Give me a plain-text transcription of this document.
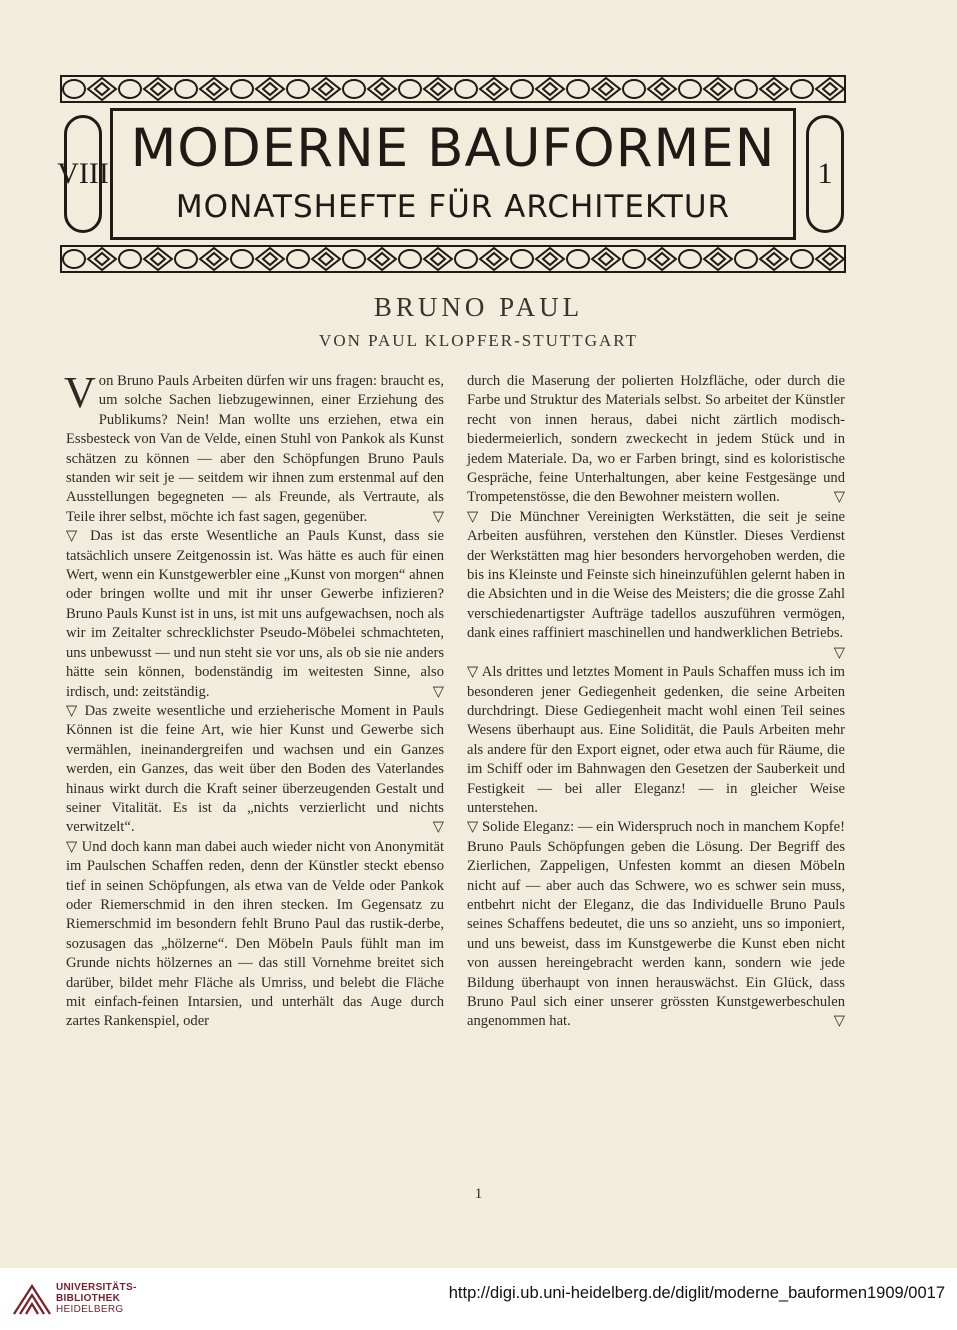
VIII MODERNE BAUFORMEN
MONATSHEFTE FÜR ARCHITEKTUR
1
BRUNO PAUL
VON PAUL KLOPFER-STUTTGART

Von Bruno Pauls Arbeiten dürfen wir uns fragen: braucht es, um solche Sachen liebzugewinnen, einer Erziehung des Publikums? Nein! Man wollte uns erziehen, etwa ein Essbesteck von Van de Velde, einen Stuhl von Pankok als Kunst schätzen zu können — aber den Schöpfungen Bruno Pauls standen wir seit je — seitdem wir ihnen zum erstenmal auf den Ausstellungen begegneten — als Freunde, als Vertraute, als Teile ihrer selbst, möchte ich fast sagen, gegenüber.	▽

▽ Das ist das erste Wesentliche an Pauls Kunst, dass sie tatsächlich unsere Zeitgenossin ist. Was hätte es auch für einen Wert, wenn ein Kunstgewerbler eine „Kunst von morgen“ ahnen oder bringen wollte und mit ihr unser Gewerbe infizieren? Bruno Pauls Kunst ist in uns, ist mit uns aufgewachsen, noch als wir im Zeitalter schrecklichster Pseudo-Möbelei schmachteten, uns unbewusst — und nun steht sie vor uns, als ob sie nie anders hätte sein können, bodenständig im weitesten Sinne, also irdisch, und: zeitständig.	▽

▽ Das zweite wesentliche und erzieherische Moment in Pauls Können ist die feine Art, wie hier Kunst und Gewerbe sich vermählen, ineinandergreifen und wachsen und ein Ganzes werden, ein Ganzes, das weit über den Boden des Vaterlandes hinaus wirkt durch die Kraft seiner überzeugenden Gestalt und seiner Vitalität. Es ist da „nichts verzierlicht und nichts verwitzelt“.	▽

▽ Und doch kann man dabei auch wieder nicht von Anonymität im Paulschen Schaffen reden, denn der Künstler steckt ebenso tief in seinen Schöpfungen, als etwa van de Velde oder Pankok oder Riemerschmid in den ihren stecken. Im Gegensatz zu Riemerschmid im besondern fehlt Bruno Paul das rustik-derbe, sozusagen das „hölzerne“. Den Möbeln Pauls fühlt man im Grunde nichts hölzernes an — das still Vornehme breitet sich darüber, bildet mehr Fläche als Umriss, und belebt die Fläche mit einfach-feinen Intarsien, und unterhält das Auge durch zartes Rankenspiel, oder

durch die Maserung der polierten Holzfläche, oder durch die Farbe und Struktur des Materials selbst. So arbeitet der Künstler recht von innen heraus, dabei nicht zärtlich modisch-biedermeierlich, sondern zweckecht in jedem Stück und in jedem Materiale. Da, wo er Farben bringt, sind es koloristische Gespräche, feine Unterhaltungen, aber keine Festgesänge und Trompetenstösse, die den Bewohner meistern wollen.	▽

▽ Die Münchner Vereinigten Werkstätten, die seit je seine Arbeiten ausführen, verstehen den Künstler. Dieses Verdienst der Werkstätten mag hier besonders hervorgehoben werden, die bis ins Kleinste und Feinste sich hineinzufühlen gelernt haben in die Absichten und in die Weise des Meisters; die die grosse Zahl verschiedenartigster Aufträge tadellos auszuführen vermögen, dank eines raffiniert maschinellen und handwerklichen Betriebs.
▽

▽ Als drittes und letztes Moment in Pauls Schaffen muss ich im besonderen jener Gediegenheit gedenken, die seine Arbeiten durchdringt. Diese Gediegenheit macht wohl einen Teil seines Wesens überhaupt aus. Eine Solidität, die Pauls Arbeiten mehr als andere für den Export eignet, oder etwa auch für Räume, die im Schiff oder im Bahnwagen den Gesetzen der Sauberkeit und Festigkeit — bei aller Eleganz! — in gleicher Weise unterstehen.

▽ Solide Eleganz: — ein Widerspruch noch in manchem Kopfe! Bruno Pauls Schöpfungen geben die Lösung. Der Begriff des Zierlichen, Zappeligen, Unfesten kommt an diesen Möbeln nicht auf — aber auch das Schwere, wo es schwer sein muss, entbehrt nicht der Eleganz, die das Individuelle Bruno Pauls seines Schaffens bedeutet, die uns so anzieht, uns so imponiert, und uns beweist, dass im Kunstgewerbe die Kunst eben nicht von aussen hereingebracht werden kann, sondern wie jede Bildung überhaupt von innen herauswächst. Ein Glück, dass Bruno Paul sich einer unserer grössten Kunstgewerbeschulen angenommen hat.	▽

1
UNIVERSITÄTS-
BIBLIOTHEK
HEIDELBERG
http://digi.ub.uni-heidelberg.de/diglit/moderne_bauformen1909/0017
